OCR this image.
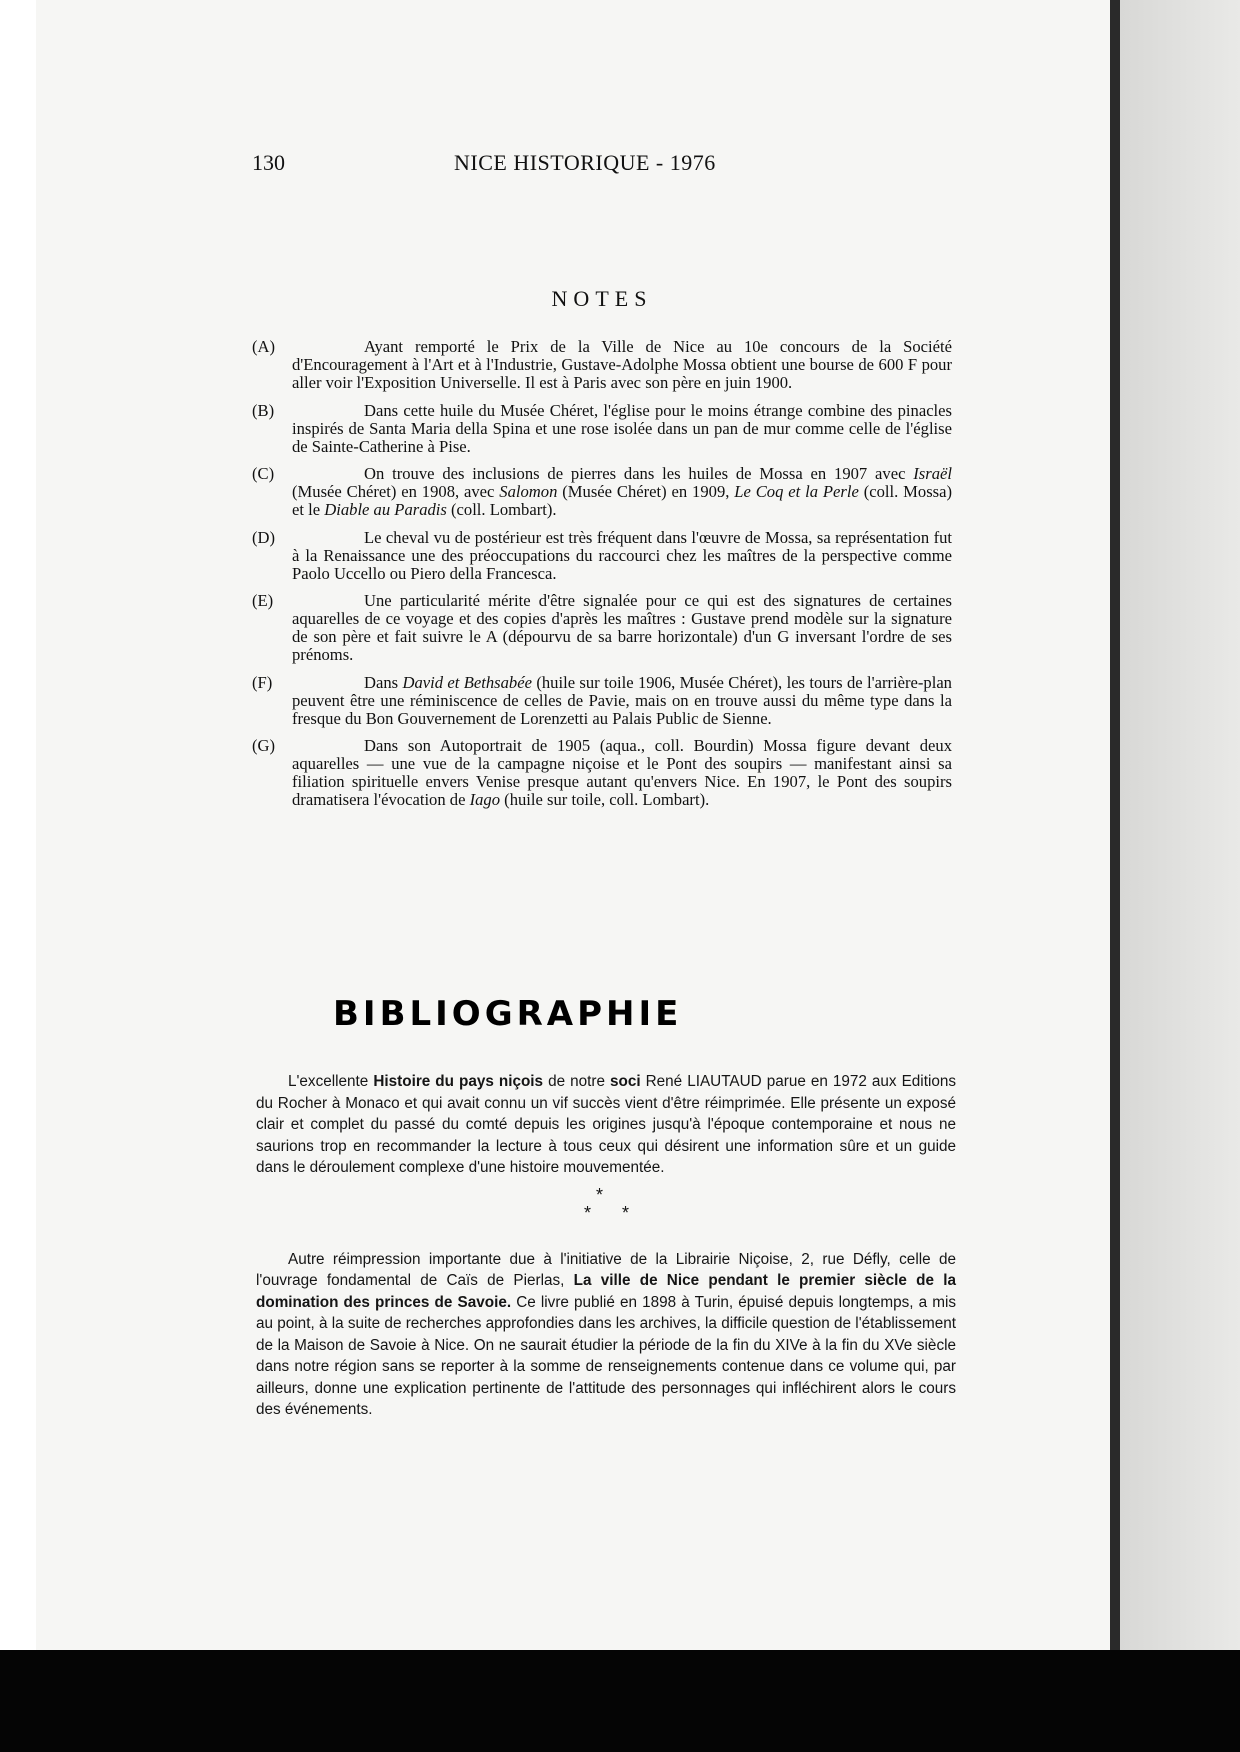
130	NICE HISTORIQUE - 1976
NOTES
(A)	Ayant remporté le Prix de la Ville de Nice au 10e concours de la Société d'Encouragement à l'Art et à l'Industrie, Gustave-Adolphe Mossa obtient une bourse de 600 F pour aller voir l'Exposition Universelle. Il est à Paris avec son père en juin 1900.
(B)	Dans cette huile du Musée Chéret, l'église pour le moins étrange combine des pinacles inspirés de Santa Maria della Spina et une rose isolée dans un pan de mur comme celle de l'église de Sainte-Catherine à Pise.
(C)	On trouve des inclusions de pierres dans les huiles de Mossa en 1907 avec Israël (Musée Chéret) en 1908, avec Salomon (Musée Chéret) en 1909, Le Coq et la Perle (coll. Mossa) et le Diable au Paradis (coll. Lombart).
(D)	Le cheval vu de postérieur est très fréquent dans l'œuvre de Mossa, sa représentation fut à la Renaissance une des préoccupations du raccourci chez les maîtres de la perspective comme Paolo Uccello ou Piero della Francesca.
(E)	Une particularité mérite d'être signalée pour ce qui est des signatures de certaines aquarelles de ce voyage et des copies d'après les maîtres : Gustave prend modèle sur la signature de son père et fait suivre le A (dépourvu de sa barre horizontale) d'un G inversant l'ordre de ses prénoms.
(F)	Dans David et Bethsabée (huile sur toile 1906, Musée Chéret), les tours de l'arrière-plan peuvent être une réminiscence de celles de Pavie, mais on en trouve aussi du même type dans la fresque du Bon Gouvernement de Lorenzetti au Palais Public de Sienne.
(G)	Dans son Autoportrait de 1905 (aqua., coll. Bourdin) Mossa figure devant deux aquarelles — une vue de la campagne niçoise et le Pont des soupirs — manifestant ainsi sa filiation spirituelle envers Venise presque autant qu'envers Nice. En 1907, le Pont des soupirs dramatisera l'évocation de Iago (huile sur toile, coll. Lombart).
BIBLIOGRAPHIE

L'excellente Histoire du pays niçois de notre soci René LIAUTAUD parue en 1972 aux Editions du Rocher à Monaco et qui avait connu un vif succès vient d'être réimprimée. Elle présente un exposé clair et complet du passé du comté depuis les origines jusqu'à l'époque contemporaine et nous ne saurions trop en recommander la lecture à tous ceux qui désirent une information sûre et un guide dans le déroulement complexe d'une histoire mouvementée.

*
* *

Autre réimpression importante due à l'initiative de la Librairie Niçoise, 2, rue Défly, celle de l'ouvrage fondamental de Caïs de Pierlas, La ville de Nice pendant le premier siècle de la domination des princes de Savoie. Ce livre publié en 1898 à Turin, épuisé depuis longtemps, a mis au point, à la suite de recherches approfondies dans les archives, la difficile question de l'établissement de la Maison de Savoie à Nice. On ne saurait étudier la période de la fin du XIVe à la fin du XVe siècle dans notre région sans se reporter à la somme de renseignements contenue dans ce volume qui, par ailleurs, donne une explication pertinente de l'attitude des personnages qui infléchirent alors le cours des événements.
